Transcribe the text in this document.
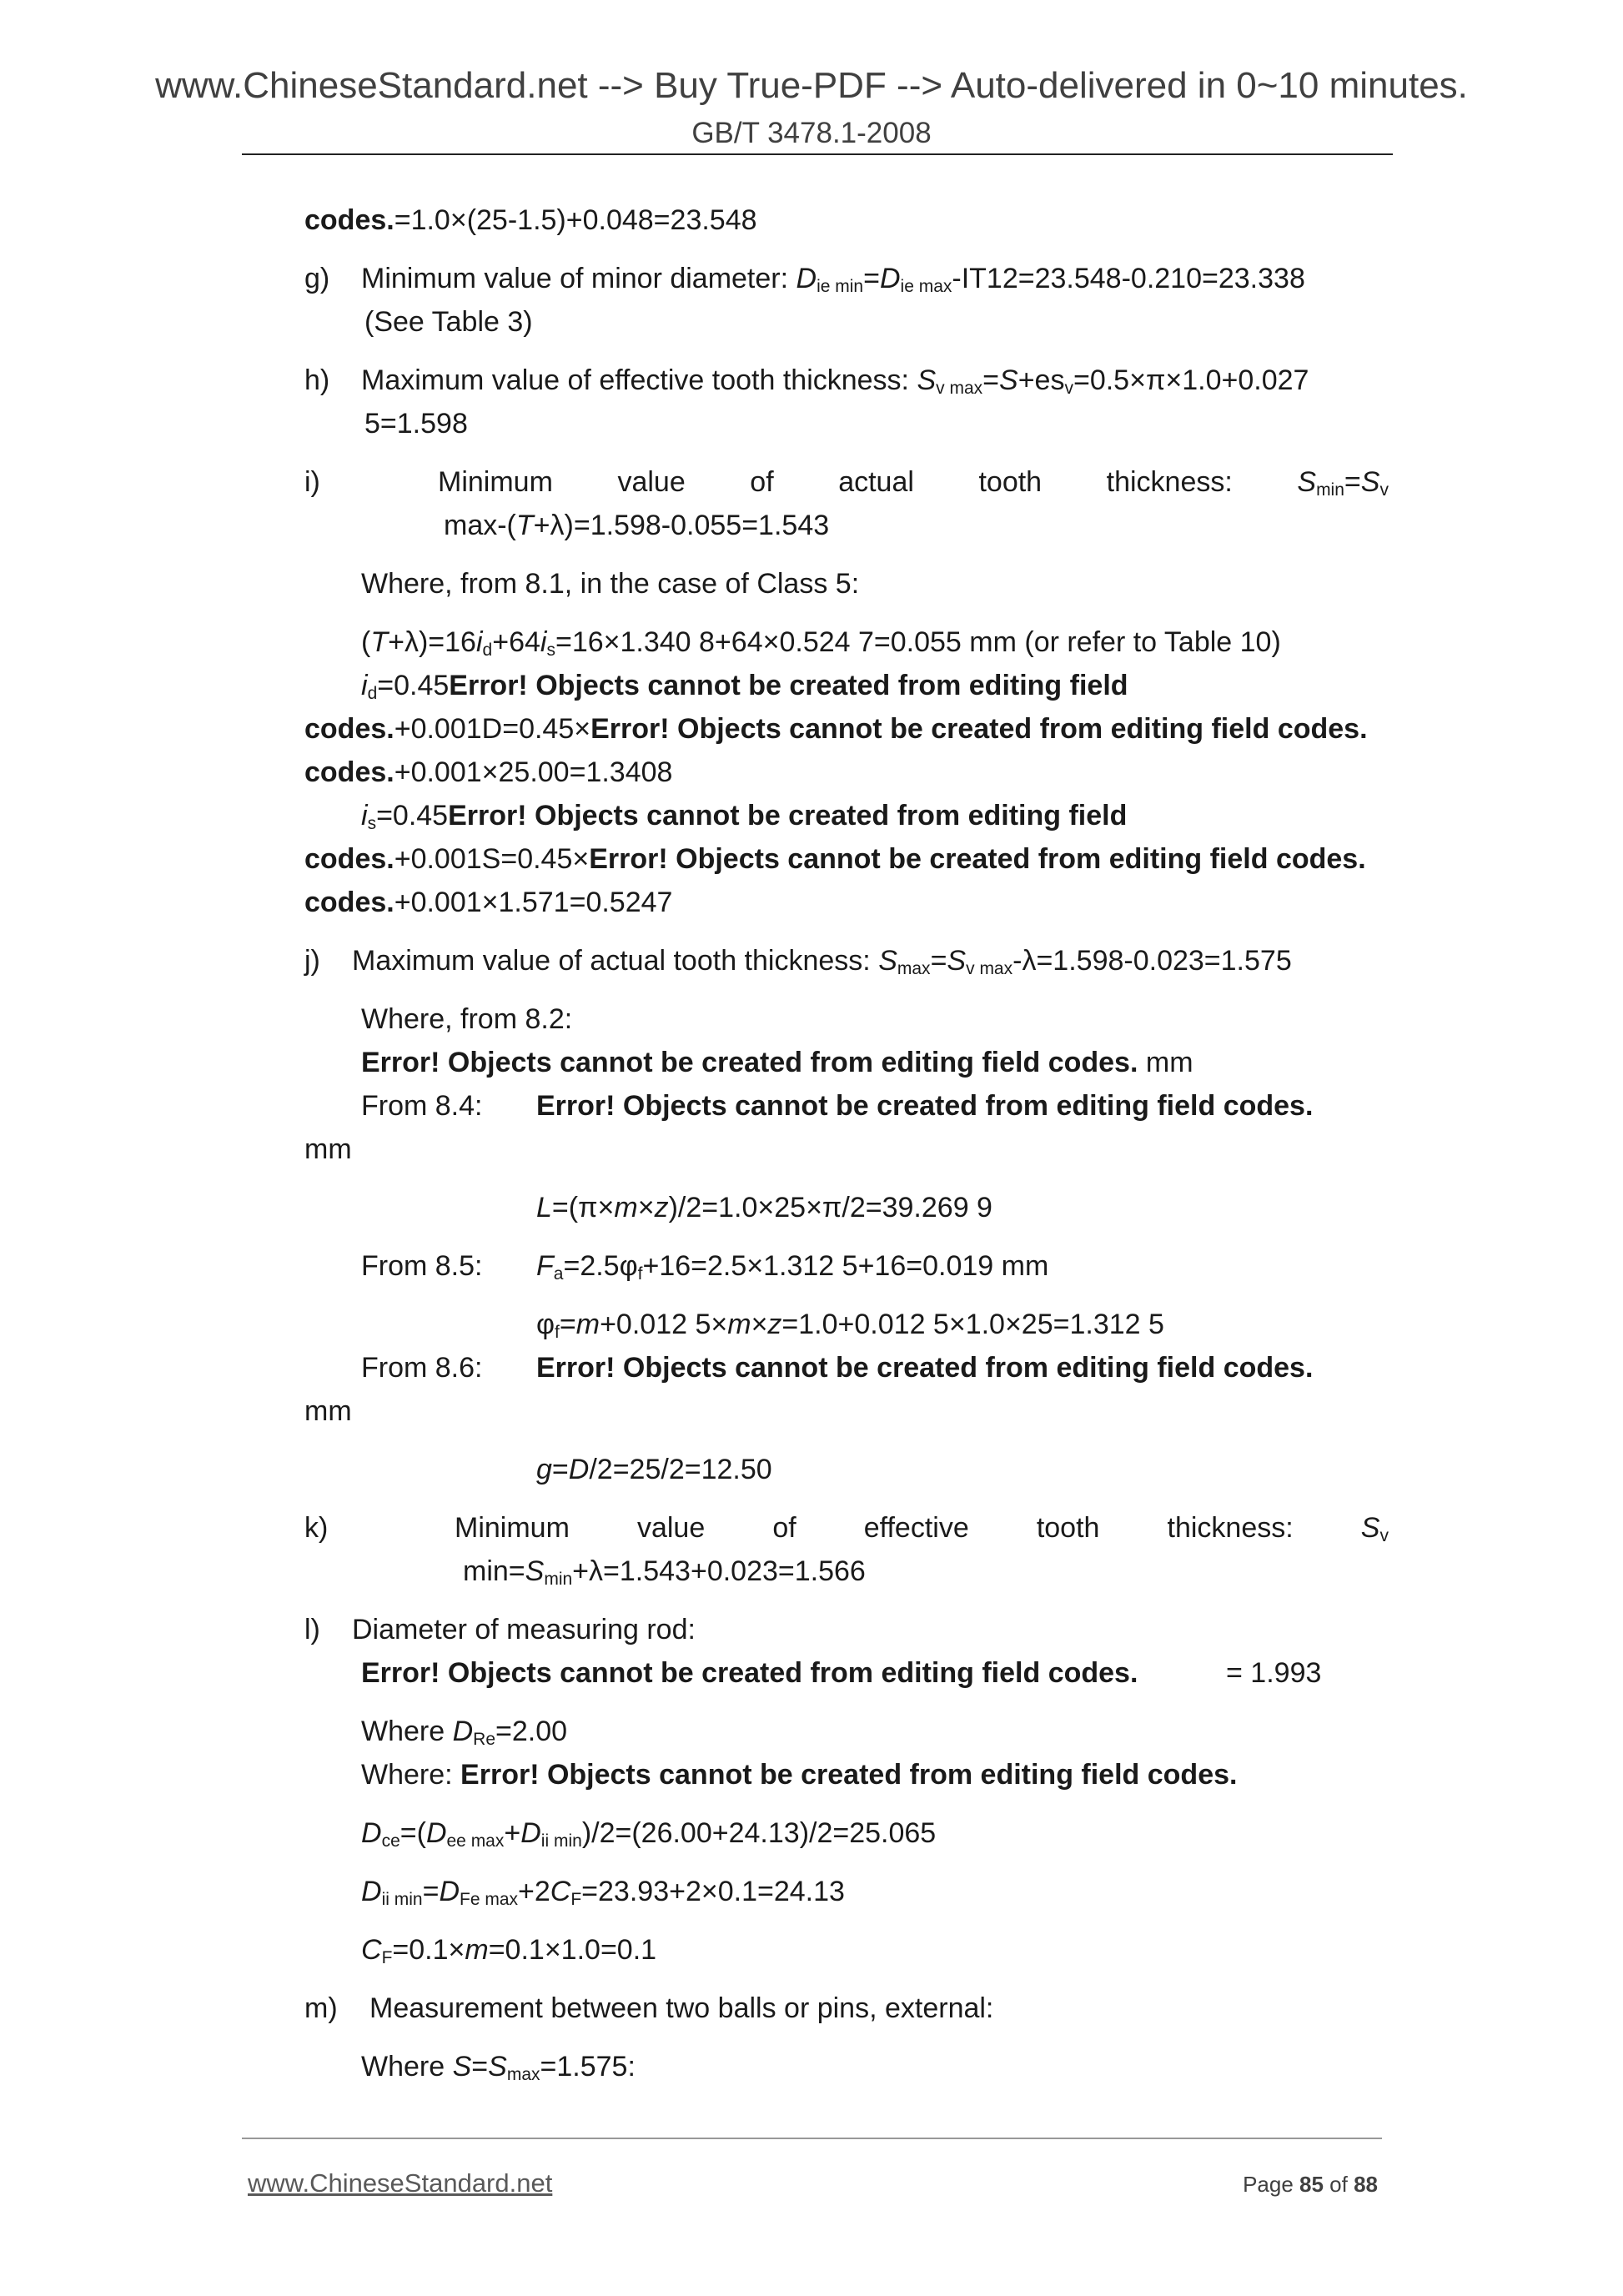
www.ChineseStandard.net --> Buy True-PDF --> Auto-delivered in 0~10 minutes.
GB/T 3478.1-2008
codes.=1.0×(25-1.5)+0.048=23.548
g) Minimum value of minor diameter: $D_{ie min}=D_{ie max}-IT12=23.548-0.210=23.338$
(See Table 3)
h) Maximum value of effective tooth thickness: $S_{v max}=S+es_v=0.5\times\pi\times 1.0+0.027$
5=1.598
i)	Minimum value of actual tooth thickness: $S_{min}=S_v$
max-(T+λ)=1.598-0.055=1.543
Where, from 8.1, in the case of Class 5:
$(T+\lambda)=16i_d+64i_s=16\times 1.340$ 8+64×0.524 7=0.055 mm (or refer to Table 10)
$i_d=0.45Error$! Objects cannot be created from editing field
codes.+0.001D=0.45×Error! Objects cannot be created from editing field codes.
codes.+0.001×25.00=1.3408
$i_s=0.45Error$! Objects cannot be created from editing field
codes.+0.001S=0.45×Error! Objects cannot be created from editing field codes.
codes.+0.001×1.571=0.5247
j) Maximum value of actual tooth thickness: $S_{max}=S_{v max}-\lambda=1.598-0.023=1.575$
Where, from 8.2:
Error! Objects cannot be created from editing field codes. mm
From 8.4: Error! Objects cannot be created from editing field codes.
mm
L=(π×m×z)/2=1.0×25×π/2=39.269 9
From 8.5: $F_a=2.5\varphi_f+16=2.5\times 1.312$ 5+16=0.019 mm
$\varphi_f=m+0.012$ 5×m×z=1.0+0.012 5×1.0×25=1.312 5
From 8.6: Error! Objects cannot be created from editing field codes.
mm
g=D/2=25/2=12.50
k)	Minimum value of effective tooth thickness: $S_v$
$\min=S_{min}+\lambda=1.543+0.023=1.566$
l) Diameter of measuring rod:
Error! Objects cannot be created from editing field codes.	= 1.993
Where $D_{Re}=2.00$
Where: Error! Objects cannot be created from editing field codes.
$D_{ce}=(D_{ee max}+D_{ii min})/2=(26.00+24.13)/2=25.065$
$D_{ii min}=D_{Fe max}+2C_F=23.93+2\times 0.1=24.13$
$C_F=0.1\times m=0.1\times 1.0=0.1$
m) Measurement between two balls or pins, external:
Where $S=S_{max}=1.575$:
www.ChineseStandard.net	Page 85 of 88
